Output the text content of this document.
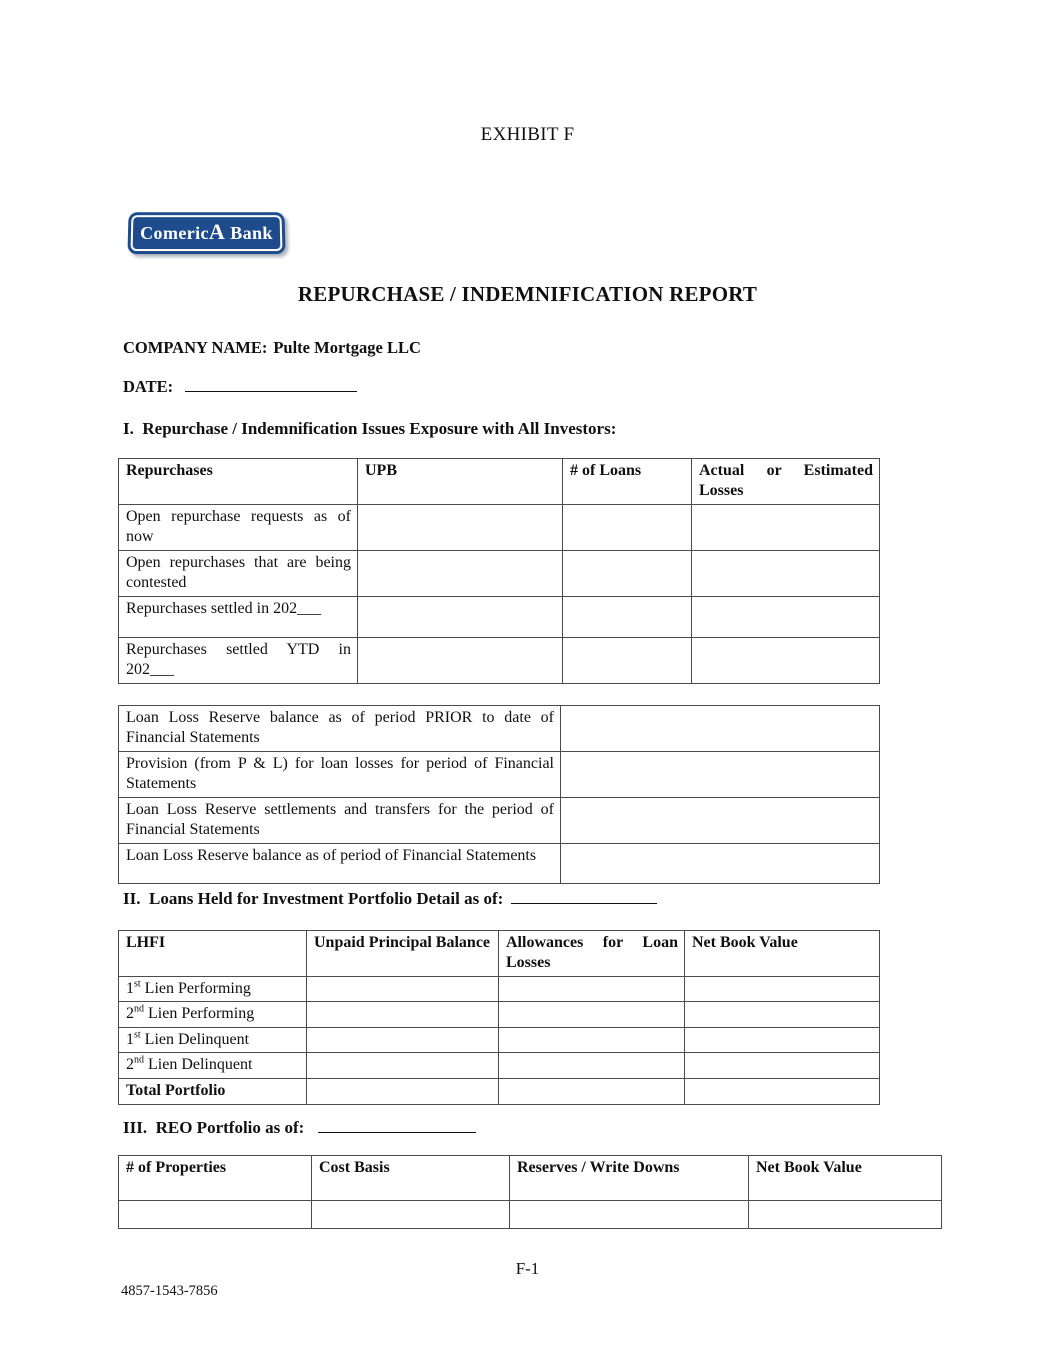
EXHIBIT F
ComericA Bank
REPURCHASE / INDEMNIFICATION REPORT
COMPANY NAME: Pulte Mortgage LLC
DATE:
I.  Repurchase / Indemnification Issues Exposure with All Investors:
Repurchases	UPB	# of Loans	Actual or Estimated Losses
Open repurchase requests as of now			
Open repurchases that are being contested			
Repurchases settled in 202___			
Repurchases settled YTD in 202___			
Loan Loss Reserve balance as of period PRIOR to date of Financial Statements	
Provision (from P & L) for loan losses for period of Financial Statements	
Loan Loss Reserve settlements and transfers for the period of Financial Statements	
Loan Loss Reserve balance as of period of Financial Statements	
II.  Loans Held for Investment Portfolio Detail as of:
LHFI	Unpaid Principal Balance	Allowances for Loan Losses	Net Book Value
1st Lien Performing			
2nd Lien Performing			
1st Lien Delinquent			
2nd Lien Delinquent			
Total Portfolio			
III.  REO Portfolio as of:
# of Properties	Cost Basis	Reserves / Write Downs	Net Book Value

F-1
4857-1543-7856
